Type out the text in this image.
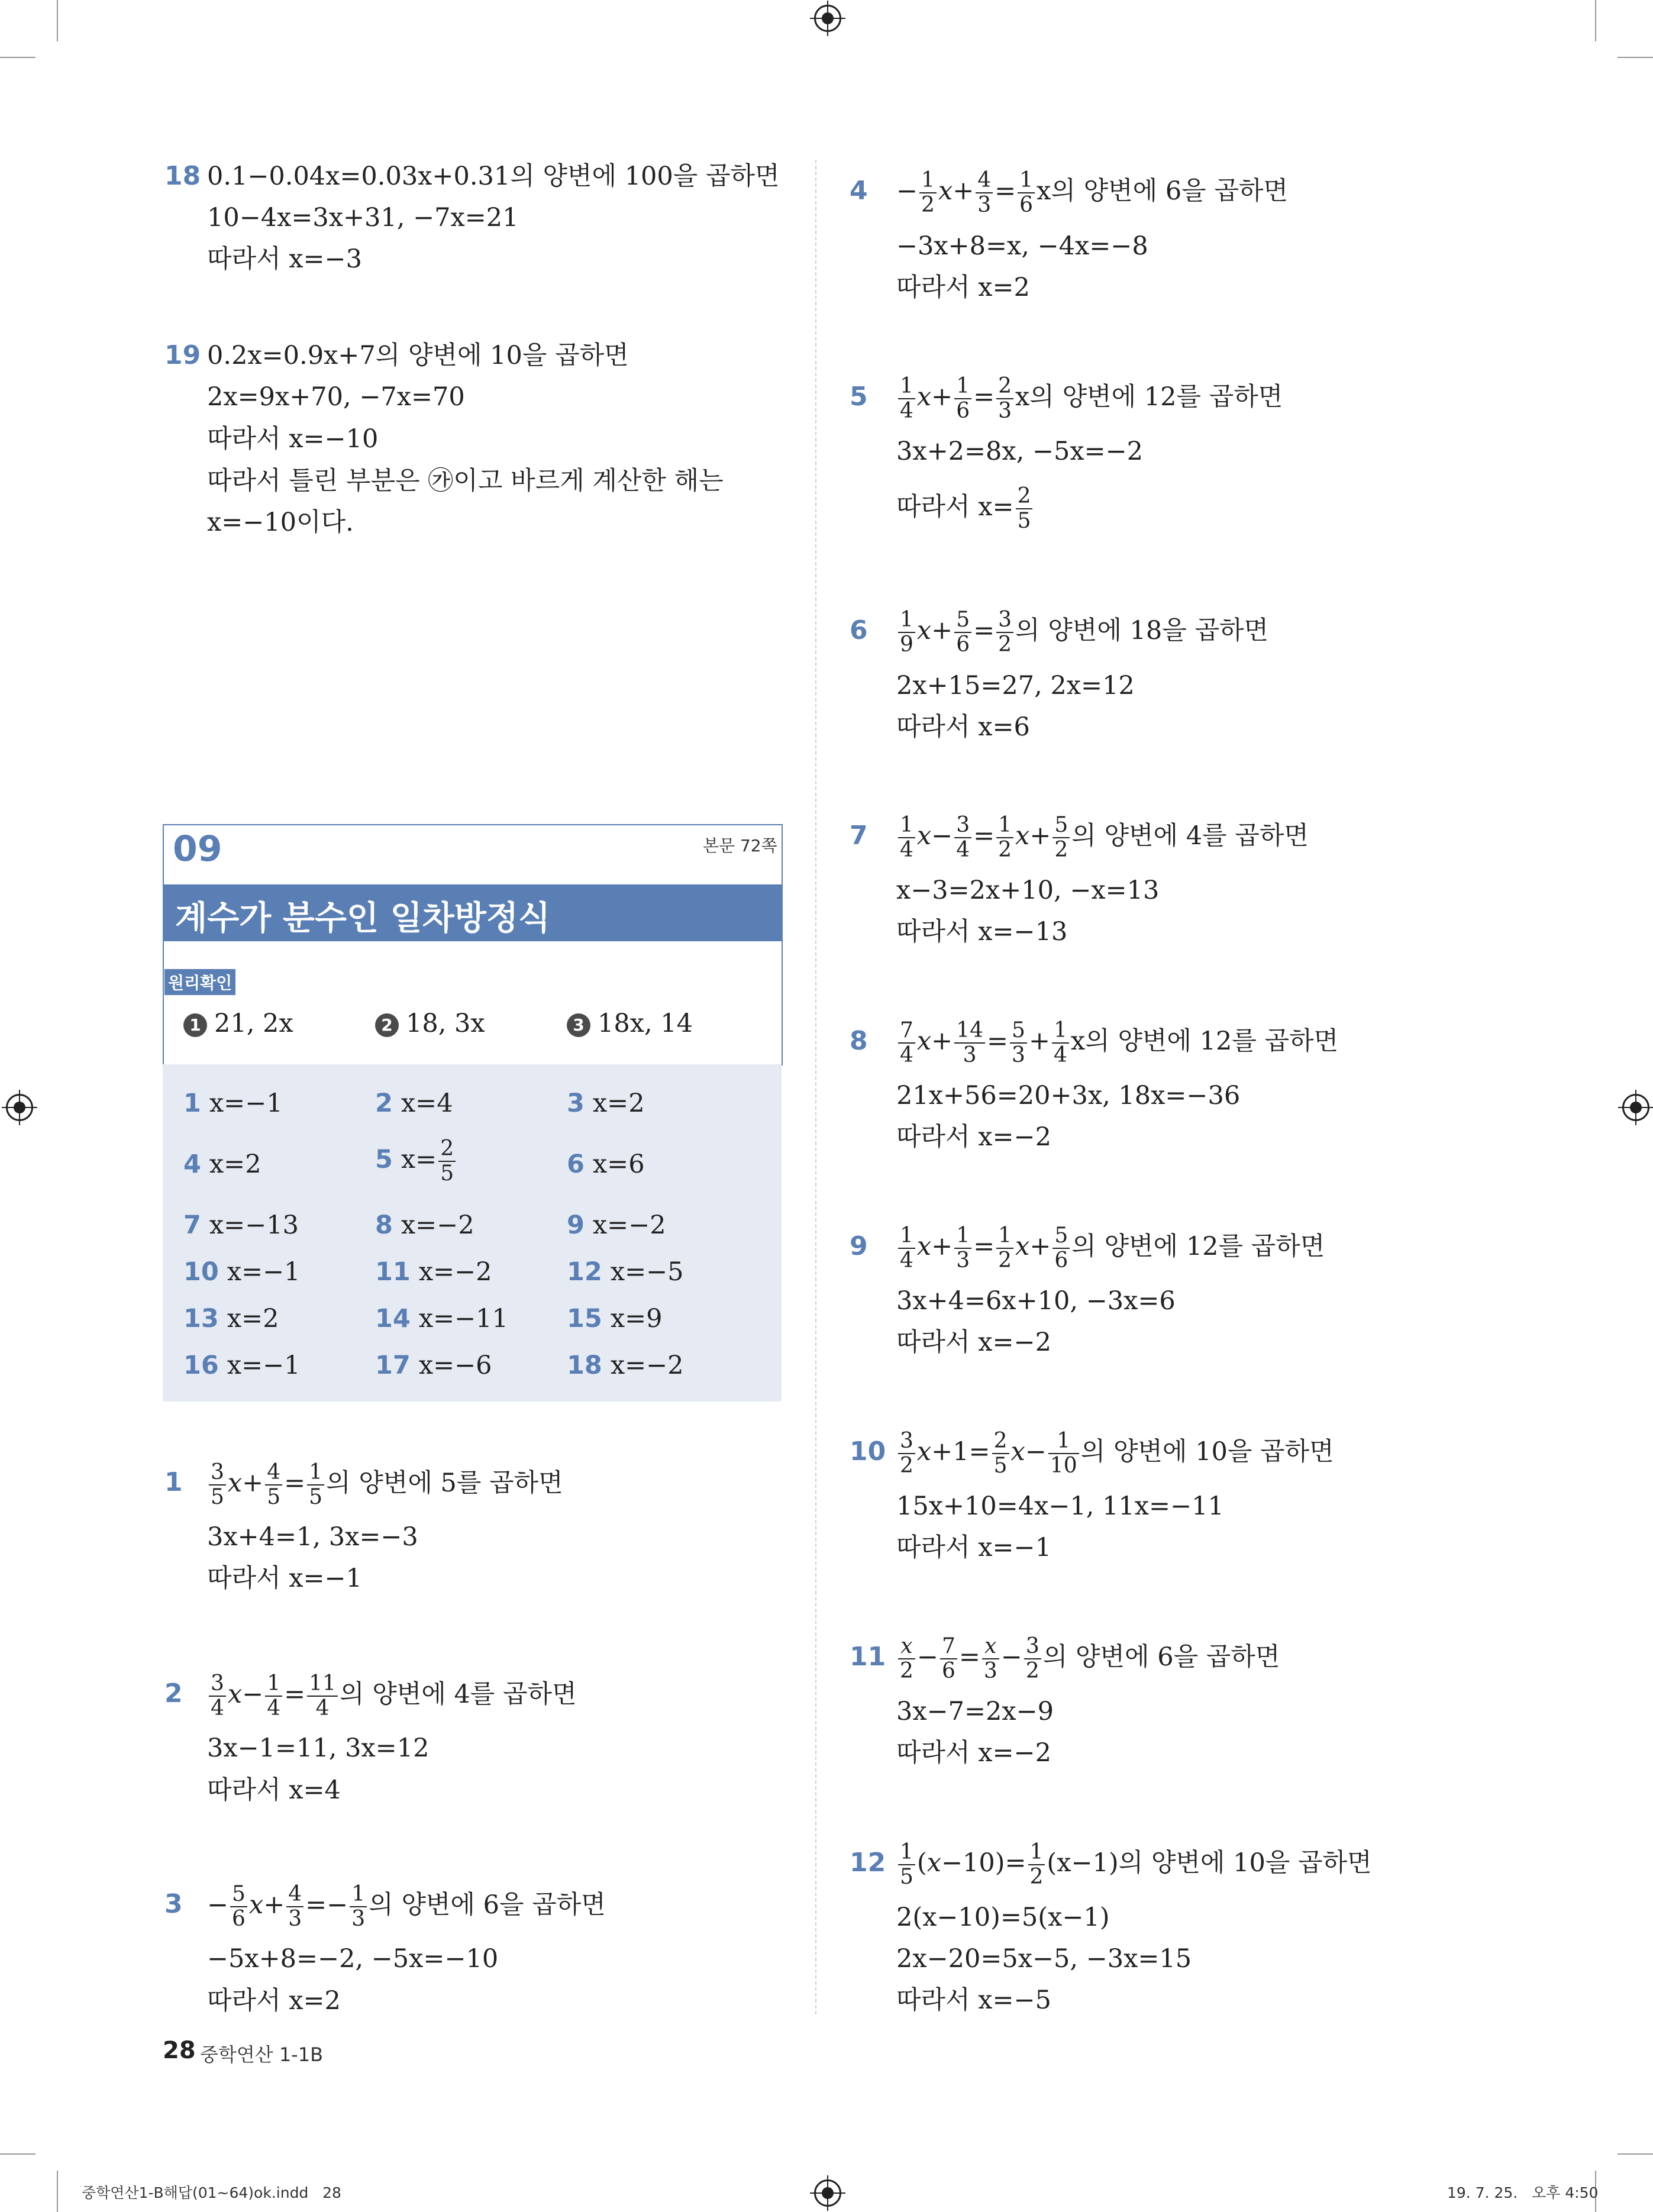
18 0.1−0.04x=0.03x+0.31의 양변에 100을 곱하면
10−4x=3x+31, −7x=21
따라서 x=−3
19 0.2x=0.9x+7의 양변에 10을 곱하면
2x=9x+70, −7x=70
따라서 x=−10
따라서 틀린 부분은 ㉮이고 바르게 계산한 해는
x=−10이다.
09	본문 72쪽
계수가 분수인 일차방정식
원리확인
1 21, 2x	2 18, 3x	3 18x, 14
1 x=−1	2 x=4	3 x=2
4 x=2	5 $x= \frac{2}{5}$	6 x=6
7 x=−13	8 x=−2	9 x=−2
10 x=−1	11 x=−2	12 x=−5
13 x=2	14 x=−11 15 x=9
16 x=−1	17 x=−6	18 x=−2
$1 \frac{3}{5} x+ \frac{4}{5} = \frac{1}{5}$ 의 양변에 5를 곱하면
3x+4=1, 3x=−3
따라서 x=−1
$2 \frac{3}{4} x- \frac{1}{4} = \frac{11}{4}$ 의 양변에 4를 곱하면
3x−1=11, 3x=12
따라서 x=4
$3 - \frac{5}{6} x+ \frac{4}{3} =- \frac{1}{3}$ 의 양변에 6을 곱하면
−5x+8=−2, −5x=−10
따라서 x=2
$4 - \frac{1}{2} x+ \frac{4}{3} = \frac{1}{6}$ x의 양변에 6을 곱하면
−3x+8=x, −4x=−8
따라서 x=2
$5 \frac{1}{4} x+ \frac{1}{6} = \frac{2}{3}$ x의 양변에 12를 곱하면
3x+2=8x, −5x=−2
따라서 $x= \frac{2}{5}$
$6 \frac{1}{9} x+ \frac{5}{6} = \frac{3}{2}$ 의 양변에 18을 곱하면
2x+15=27, 2x=12
따라서 x=6
$7 \frac{1}{4} x- \frac{3}{4} = \frac{1}{2} x+ \frac{5}{2}$ 의 양변에 4를 곱하면
x−3=2x+10, −x=13
따라서 x=−13
$8 \frac{7}{4} x+ \frac{14}{3} = \frac{5}{3} + \frac{1}{4}$ x의 양변에 12를 곱하면
21x+56=20+3x, 18x=−36
따라서 x=−2
$9 \frac{1}{4} x+ \frac{1}{3} = \frac{1}{2} x+ \frac{5}{6}$ 의 양변에 12를 곱하면
3x+4=6x+10, −3x=6
따라서 x=−2
$10 \frac{3}{2} x+1= \frac{2}{5} x- \frac{1}{10}$ 의 양변에 10을 곱하면
15x+10=4x−1, 11x=−11
따라서 x=−1
$11 \frac{x}{2} - \frac{7}{6} = \frac{x}{3} - \frac{3}{2}$ 의 양변에 6을 곱하면
3x−7=2x−9
따라서 x=−2
$12 \frac{1}{5} (x-10)= \frac{1}{2} (x-1)$의 양변에 10을 곱하면
2(x−10)=5(x−1)
2x−20=5x−5, −3x=15
따라서 x=−5
28 중학연산 1-1B
중학연산1-B해답(01~64)ok.indd   28	19. 7. 25.   오후 4:50
